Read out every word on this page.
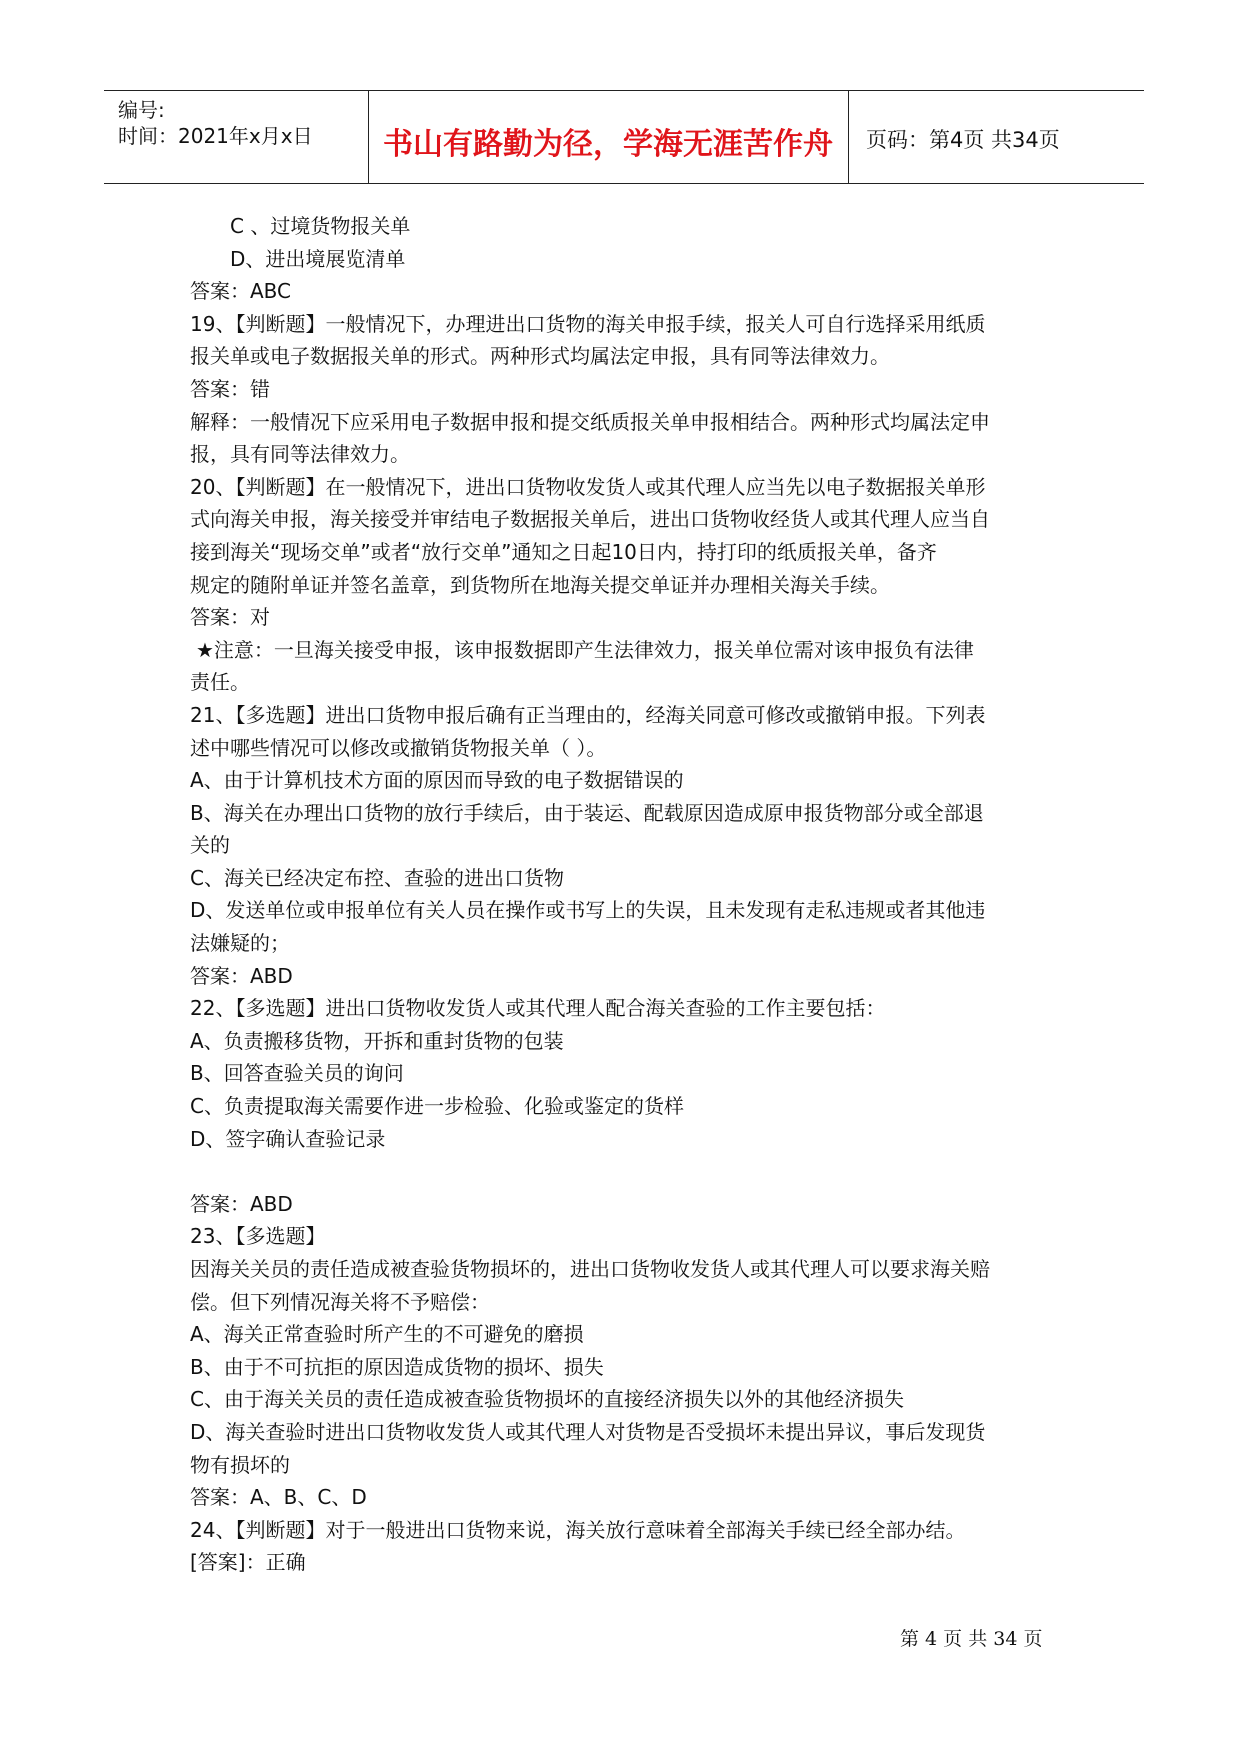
编号:
时间：2021年x月x日	书山有路勤为径，学海无涯苦作舟	页码：第4页 共34页
C 、过境货物报关单
D、进出境展览清单
答案：ABC
19、【判断题】一般情况下，办理进出口货物的海关申报手续，报关人可自行选择采用纸质
报关单或电子数据报关单的形式。两种形式均属法定申报，具有同等法律效力。
答案：错
解释：一般情况下应采用电子数据申报和提交纸质报关单申报相结合。两种形式均属法定申
报，具有同等法律效力。
20、【判断题】在一般情况下，进出口货物收发货人或其代理人应当先以电子数据报关单形
式向海关申报，海关接受并审结电子数据报关单后，进出口货物收经货人或其代理人应当自
接到海关“现场交单”或者“放行交单”通知之日起10日内，持打印的纸质报关单，备齐
规定的随附单证并签名盖章，到货物所在地海关提交单证并办理相关海关手续。
答案：对
★注意：一旦海关接受申报，该申报数据即产生法律效力，报关单位需对该申报负有法律
责任。
21、【多选题】进出口货物申报后确有正当理由的，经海关同意可修改或撤销申报。下列表
述中哪些情况可以修改或撤销货物报关单（ ）。
A、由于计算机技术方面的原因而导致的电子数据错误的
B、海关在办理出口货物的放行手续后，由于装运、配载原因造成原申报货物部分或全部退
关的
C、海关已经决定布控、查验的进出口货物
D、发送单位或申报单位有关人员在操作或书写上的失误，且未发现有走私违规或者其他违
法嫌疑的；
答案：ABD
22、【多选题】进出口货物收发货人或其代理人配合海关查验的工作主要包括：
A、负责搬移货物，开拆和重封货物的包装
B、回答查验关员的询问
C、负责提取海关需要作进一步检验、化验或鉴定的货样
D、签字确认查验记录
答案：ABD
23、【多选题】
因海关关员的责任造成被查验货物损坏的，进出口货物收发货人或其代理人可以要求海关赔
偿。但下列情况海关将不予赔偿：
A、海关正常查验时所产生的不可避免的磨损
B、由于不可抗拒的原因造成货物的损坏、损失
C、由于海关关员的责任造成被查验货物损坏的直接经济损失以外的其他经济损失
D、海关查验时进出口货物收发货人或其代理人对货物是否受损坏未提出异议，事后发现货
物有损坏的
答案：A、B、C、D
24、【判断题】对于一般进出口货物来说，海关放行意味着全部海关手续已经全部办结。
[答案]：正确
第 4 页 共 34 页
